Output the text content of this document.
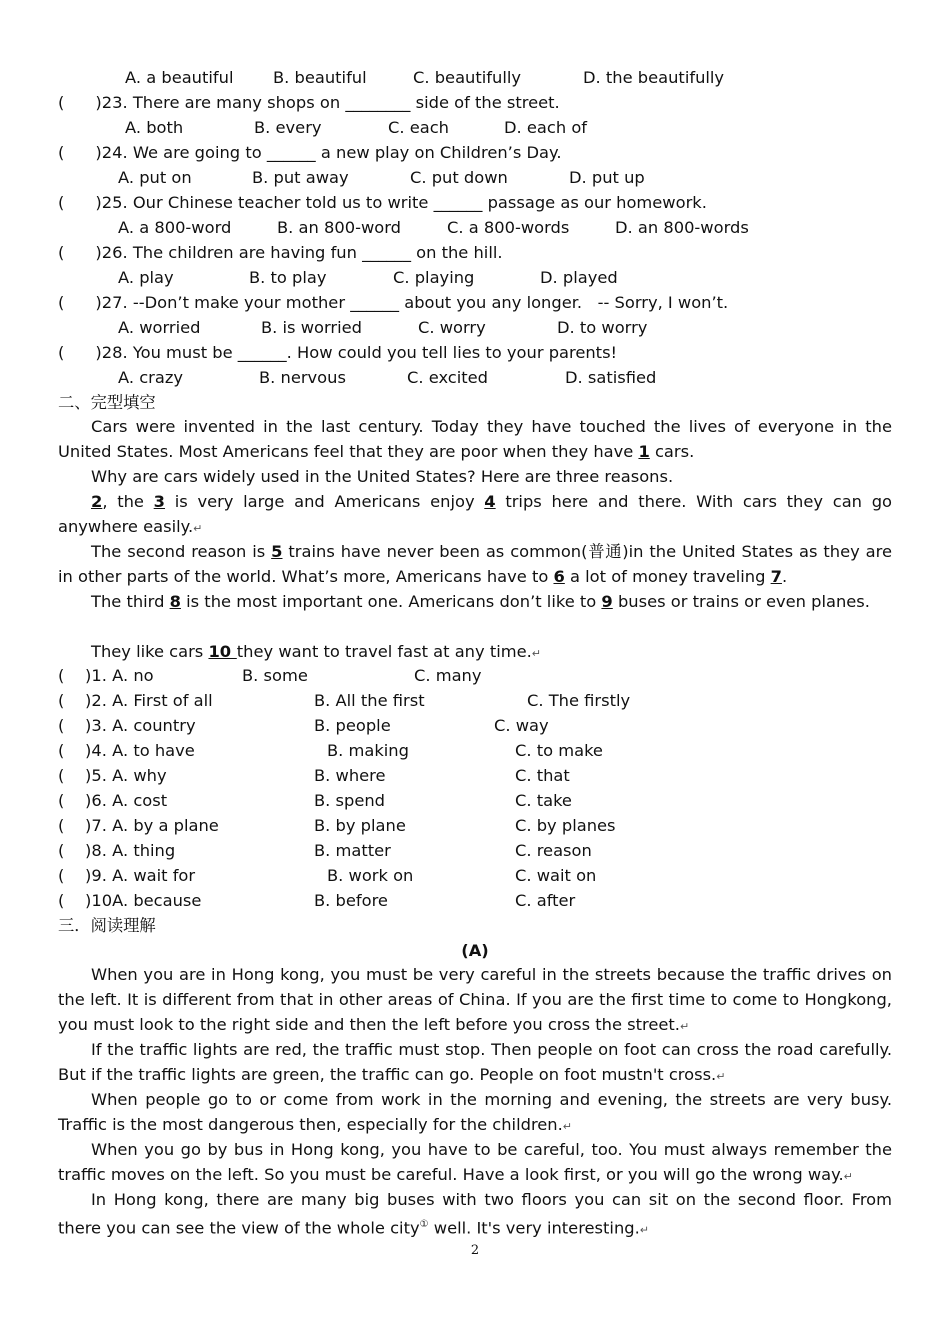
A. a beautiful B. beautiful	C. beautifully	D. the beautifully
(      )23. There are many shops on ________ side of the street.
A. both	B. every	C. each	D. each of
(      )24. We are going to ______ a new play on Children’s Day.
A. put on	B. put away	C. put down	D. put up
(      )25. Our Chinese teacher told us to write ______ passage as our homework.
A. a 800-word	B. an 800-word	C. a 800-words	D. an 800-words
(      )26. The children are having fun ______ on the hill.
A. play	B. to play	C. playing	D. played
(      )27. --Don’t make your mother ______ about you any longer.   -- Sorry, I won’t.
A. worried	B. is worried	C. worry	D. to worry
(      )28. You must be ______. How could you tell lies to your parents!
A. crazy	B. nervous	C. excited	D. satisfied
二、完型填空
Cars were invented in the last century. Today they have touched the lives of everyone in the United States. Most Americans feel that they are poor when they have 1 cars.
Why are cars widely used in the United States? Here are three reasons.
2, the 3 is very large and Americans enjoy 4 trips here and there. With cars they can go anywhere easily.↵
The second reason is 5 trains have never been as common(普通)in the United States as they are in other parts of the world. What’s more, Americans have to 6 a lot of money traveling 7.
The third 8 is the most important one. Americans don’t like to 9 buses or trains or even planes.
They like cars 10 they want to travel fast at any time.↵
(    )1. A. no	B. some	C. many
(    )2. A. First of all	B. All the first	C. The firstly
(    )3. A. country	B. people	C. way
(    )4. A. to have	B. making	C. to make
(    )5. A. why	B. where	C. that
(    )6. A. cost	B. spend	C. take
(    )7. A. by a plane	B. by plane	C. by planes
(    )8. A. thing	B. matter	C. reason
(    )9. A. wait for	B. work on	C. wait on
(    )10A. because	B. before	C. after
三．阅读理解
(A)
When you are in Hong kong, you must be very careful in the streets because the traffic drives on the left. It is different from that in other areas of China. If you are the first time to come to Hongkong, you must look to the right side and then the left before you cross the street.↵
If the traffic lights are red, the traffic must stop. Then people on foot can cross the road carefully. But if the traffic lights are green, the traffic can go. People on foot mustn't cross.↵
When people go to or come from work in the morning and evening, the streets are very busy. Traffic is the most dangerous then, especially for the children.↵
When you go by bus in Hong kong, you have to be careful, too. You must always remember the traffic moves on the left. So you must be careful. Have a look first, or you will go the wrong way.↵
In Hong kong, there are many big buses with two floors you can sit on the second floor. From there you can see the view of the whole city① well. It's very interesting.↵
2
